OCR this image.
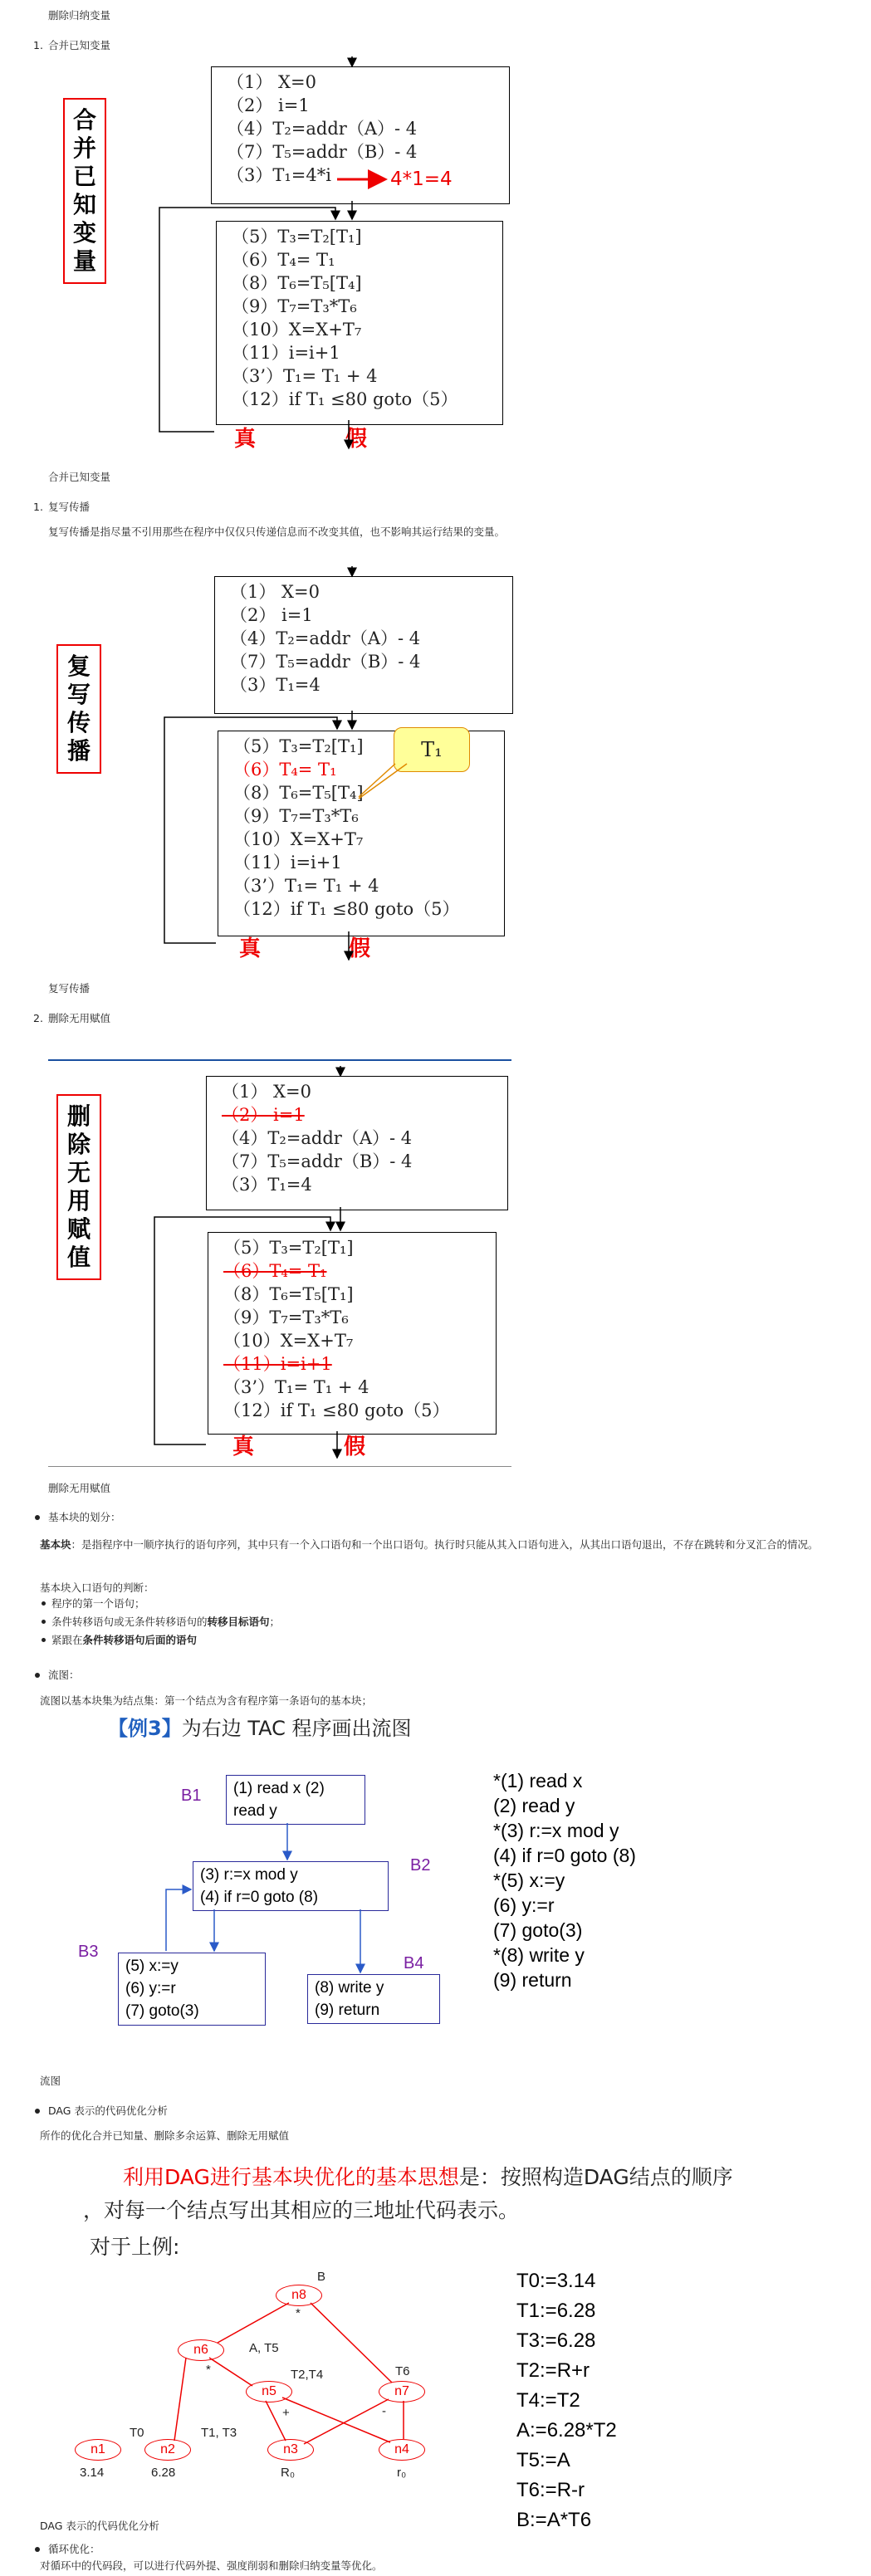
删除归纳变量
1. 合并已知变量
合并已知变量
（1） X=0
（2） i=1
（4）T₂=addr（A）- 4
（7）T₅=addr（B）- 4
（3）T₁=4*i	4*1=4
（5）T₃=T₂[T₁]
（6）T₄= T₁
（8）T₆=T₅[T₄]
（9）T₇=T₃*T₆
（10）X=X+T₇
（11）i=i+1
（3’）T₁= T₁ + 4
（12）if T₁ ≤80 goto（5）
真	假
合并已知变量
1. 复写传播
复写传播是指尽量不引用那些在程序中仅仅只传递信息而不改变其值，也不影响其运行结果的变量。
复写传播
（1） X=0
（2） i=1
（4）T₂=addr（A）- 4
（7）T₅=addr（B）- 4
（3）T₁=4
（5）T₃=T₂[T₁]
（6）T₄= T₁
（8）T₆=T₅[T₄]
（9）T₇=T₃*T₆
（10）X=X+T₇
（11）i=i+1
（3’）T₁= T₁ + 4
（12）if T₁ ≤80 goto（5）
T₁
真	假
复写传播
2. 删除无用赋值
删除无用赋值
（1） X=0
（2） i=1
（4）T₂=addr（A）- 4
（7）T₅=addr（B）- 4
（3）T₁=4
（5）T₃=T₂[T₁]
（6）T₄= T₁
（8）T₆=T₅[T₁]
（9）T₇=T₃*T₆
（10）X=X+T₇
（11）i=i+1
（3’）T₁= T₁ + 4
（12）if T₁ ≤80 goto（5）
真	假
删除无用赋值
基本块的划分：
基本块：是指程序中一顺序执行的语句序列，其中只有一个入口语句和一个出口语句。执行时只能从其入口语句进入，从其出口语句退出，不存在跳转和分叉汇合的情况。
基本块入口语句的判断：
程序的第一个语句；
条件转移语句或无条件转移语句的转移目标语句；
紧跟在条件转移语句后面的语句
流图：
流图以基本块集为结点集：第一个结点为含有程序第一条语句的基本块；
【例3】为右边 TAC 程序画出流图
B1 (1) read x (2)
read y
B2
(3) r:=x mod y
(4) if r=0 goto (8)
B3
(5) x:=y
(6) y:=r
(7) goto(3)
B4
(8) write y
(9) return
*(1) read x
(2) read y
*(3) r:=x mod y
(4) if r=0 goto (8)
*(5) x:=y
(6) y:=r
(7) goto(3)
*(8) write y
(9) return
流图
DAG 表示的代码优化分析
所作的优化合并已知量、删除多余运算、删除无用赋值
利用DAG进行基本块优化的基本思想是：按照构造DAG结点的顺序
，对每一个结点写出其相应的三地址代码表示。
对于上例:
n8
n6
n5	n7
n1	n2	n3	n4
B
*
A, T5
*	T2,T4
+
T6
-
T0	T1, T3
3.14	6.28	R₀	r₀
T0:=3.14
T1:=6.28
T3:=6.28
T2:=R+r
T4:=T2
A:=6.28*T2
T5:=A
T6:=R-r
B:=A*T6
DAG 表示的代码优化分析
循环优化：
对循环中的代码段，可以进行代码外提、强度削弱和删除归纳变量等优化。
